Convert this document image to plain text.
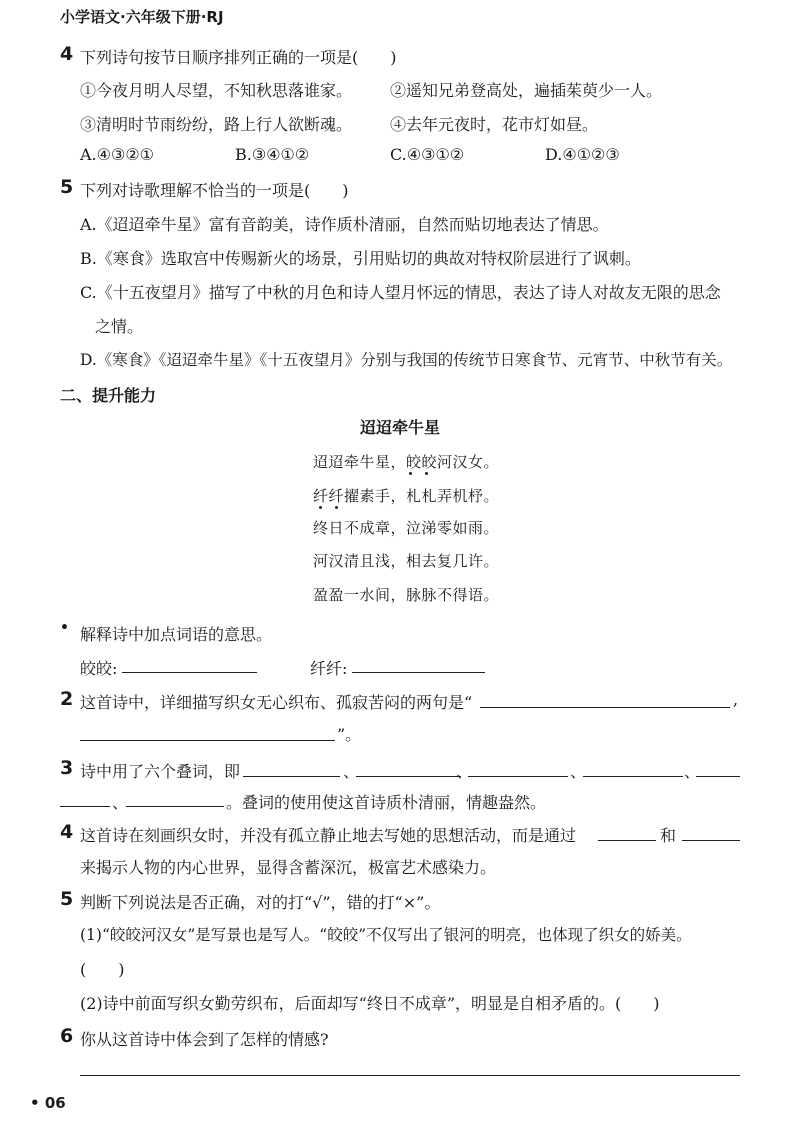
小学语文·六年级下册·RJ
4 下列诗句按节日顺序排列正确的一项是(　　)
①今夜月明人尽望，不知秋思落谁家。 ②遥知兄弟登高处，遍插茱萸少一人。
③清明时节雨纷纷，路上行人欲断魂。 ④去年元夜时，花市灯如昼。
A.④③②①	B.③④①②	C.④③①②	D.④①②③
5 下列对诗歌理解不恰当的一项是(　　)
A.《迢迢牵牛星》富有音韵美，诗作质朴清丽，自然而贴切地表达了情思。
B.《寒食》选取宫中传赐新火的场景，引用贴切的典故对特权阶层进行了讽刺。
C.《十五夜望月》描写了中秋的月色和诗人望月怀远的情思，表达了诗人对故友无限的思念
之情。
D.《寒食》《迢迢牵牛星》《十五夜望月》分别与我国的传统节日寒食节、元宵节、中秋节有关。
二、提升能力
迢迢牵牛星
迢迢牵牛星，皎皎河汉女。
纤纤擢素手，札札弄机杼。
终日不成章，泣涕零如雨。
河汉清且浅，相去复几许。
盈盈一水间，脉脉不得语。
• 解释诗中加点词语的意思。
皎皎:	纤纤:
2 这首诗中，详细描写织女无心织布、孤寂苦闷的两句是“	,
”。
3 诗中用了六个叠词，即	、	、	、	、
、	。叠词的使用使这首诗质朴清丽，情趣盎然。
4 这首诗在刻画织女时，并没有孤立静止地去写她的思想活动，而是通过	和
来揭示人物的内心世界，显得含蓄深沉，极富艺术感染力。
5 判断下列说法是否正确，对的打“√”，错的打“×”。
(1)“皎皎河汉女”是写景也是写人。“皎皎”不仅写出了银河的明亮，也体现了织女的娇美。
(　　)
(2)诗中前面写织女勤劳织布，后面却写“终日不成章”，明显是自相矛盾的。(　　)
6 你从这首诗中体会到了怎样的情感?
• 06
